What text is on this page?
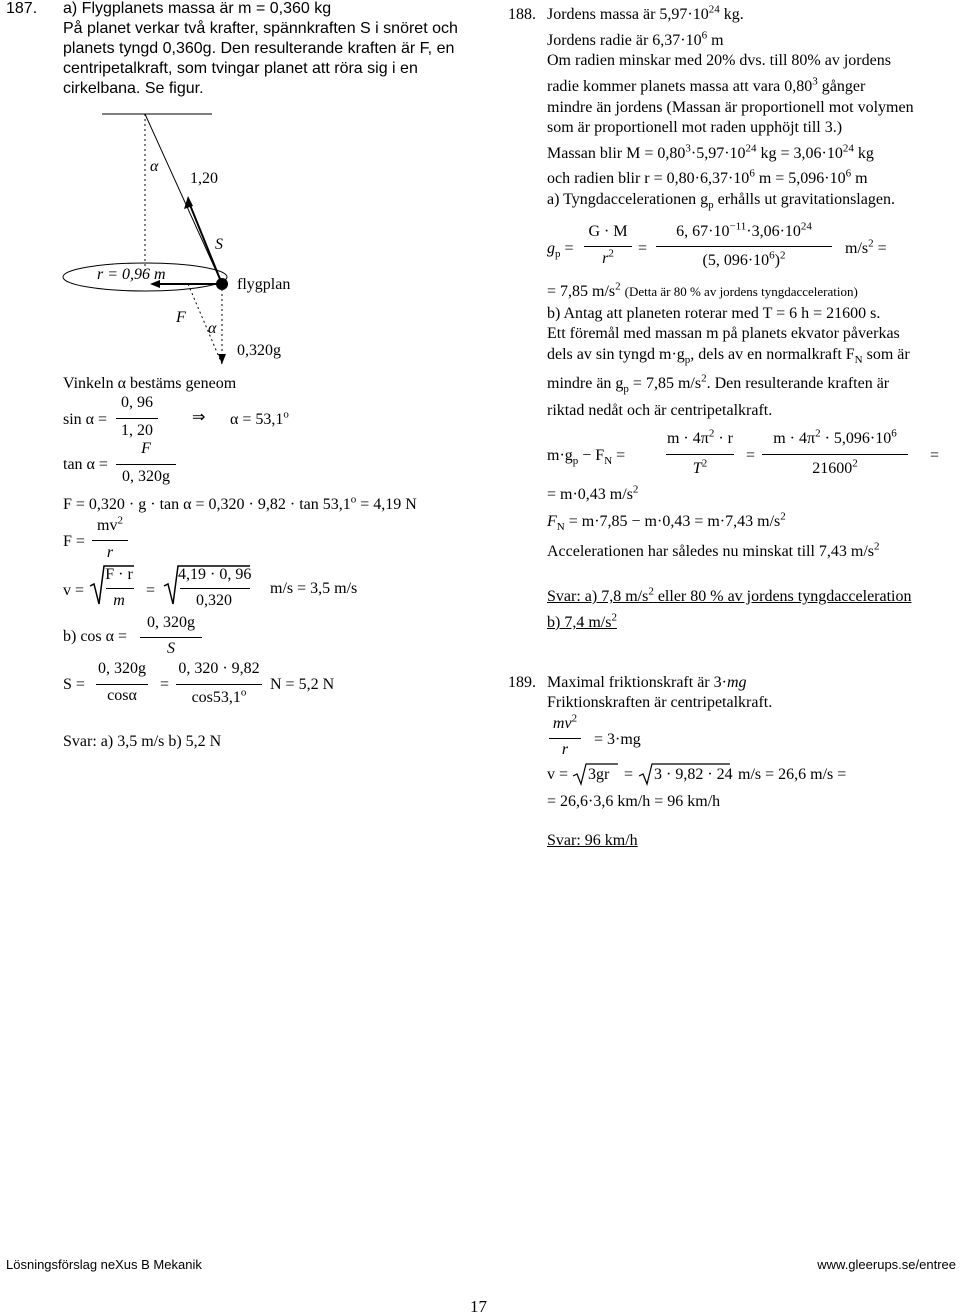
187. a) Flygplanets massa är m = 0,360 kg
På planet verkar två krafter, spännkraften S i snöret och
planets tyngd 0,360g. Den resulterande kraften är F, en
centripetalkraft, som tvingar planet att röra sig i en
cirkelbana. Se figur.
α
1,20
S
r = 0,96 m
flygplan
F
α
0,320g
Vinkeln α bestäms geneom
sin α =
0, 96
1, 20
⇒ $\alpha = 53,1^o$
tan α =
F
0, 320g
$F = 0,320 \cdot g \cdot \tan \alpha = 0,320 \cdot 9,82 \cdot \tan 53,1^o = 4,19$ N
F =
$mv^2$
r
v =
F · r
m
=
4,19 · 0, 96
0,320
m/s = 3,5 m/s
b) cos α =
0, 320g
S
S =
0, 320g
cosα
=
0, 320 · 9,82
cos53,1$^o$	N = 5,2 N
Svar: a) 3,5 m/s b) 5,2 N
188. Jordens massa är $5,97\cdot 10^{24}$ kg.
Jordens radie är $6,37\cdot 10^6$ m
Om radien minskar med 20% dvs. till 80% av jordens
radie kommer planets massa att vara 0,80$^3$ gånger
mindre än jordens (Massan är proportionell mot volymen
som är proportionell mot raden upphöjt till 3.)
Massan blir $M = 0,80^3\cdot 5,97\cdot 10^{24}$ kg = $3,06\cdot 10^{24}$ kg
och radien blir $r = 0,80\cdot 6,37\cdot 10^6$ $m = 5,096\cdot 10^6$ m
a) Tyngdaccelerationen $g_p$ erhålls ut gravitationslagen.
$g_p$ =
G · M
$r^2$	=
6, $67\cdot 10^{-11}\cdot 3,06\cdot 10^{24}$
(5, $096\cdot 10^6)^2$	$m/s^2$ =
= 7,85 $m/s^2$ (Detta är 80 % av jordens tyngdacceleration)
b) Antag att planeten roterar med T = 6 h = 21600 s.
Ett föremål med massan m på planets ekvator påverkas
dels av sin tyngd $m\cdot g_p$, dels av en normalkraft $F_N$ som är
mindre än $g_p = 7,85$ $m/s^2$. Den resulterande kraften är
riktad nedåt och är centripetalkraft.
$m\cdot g_p - F_N$ =
$m \cdot 4\pi^2 \cdot r$
$T^2$	=
$m \cdot 4\pi^2 \cdot 5,096\cdot 10^6$
$21600^2$	=
= m·0,43 $m/s^2$
$F_N = m\cdot 7,85 - m\cdot 0,43 = m\cdot 7,43$ $m/s^2$
Accelerationen har således nu minskat till 7,43 $m/s^2$
Svar: a) 7,8 $m/s^2$ eller 80 % av jordens tyngdacceleration
b) 7,4 $m/s^2$
189. Maximal friktionskraft är 3·mg
Friktionskraften är centripetalkraft.
$mv^2$
r
= 3·mg
v = 3gr = 3 · 9,82 · 24 m/s = 26,6 m/s =
= 26,6·3,6 km/h = 96 km/h
Svar: 96 km/h
Lösningsförslag neXus B Mekanik	www.gleerups.se/entree
17
